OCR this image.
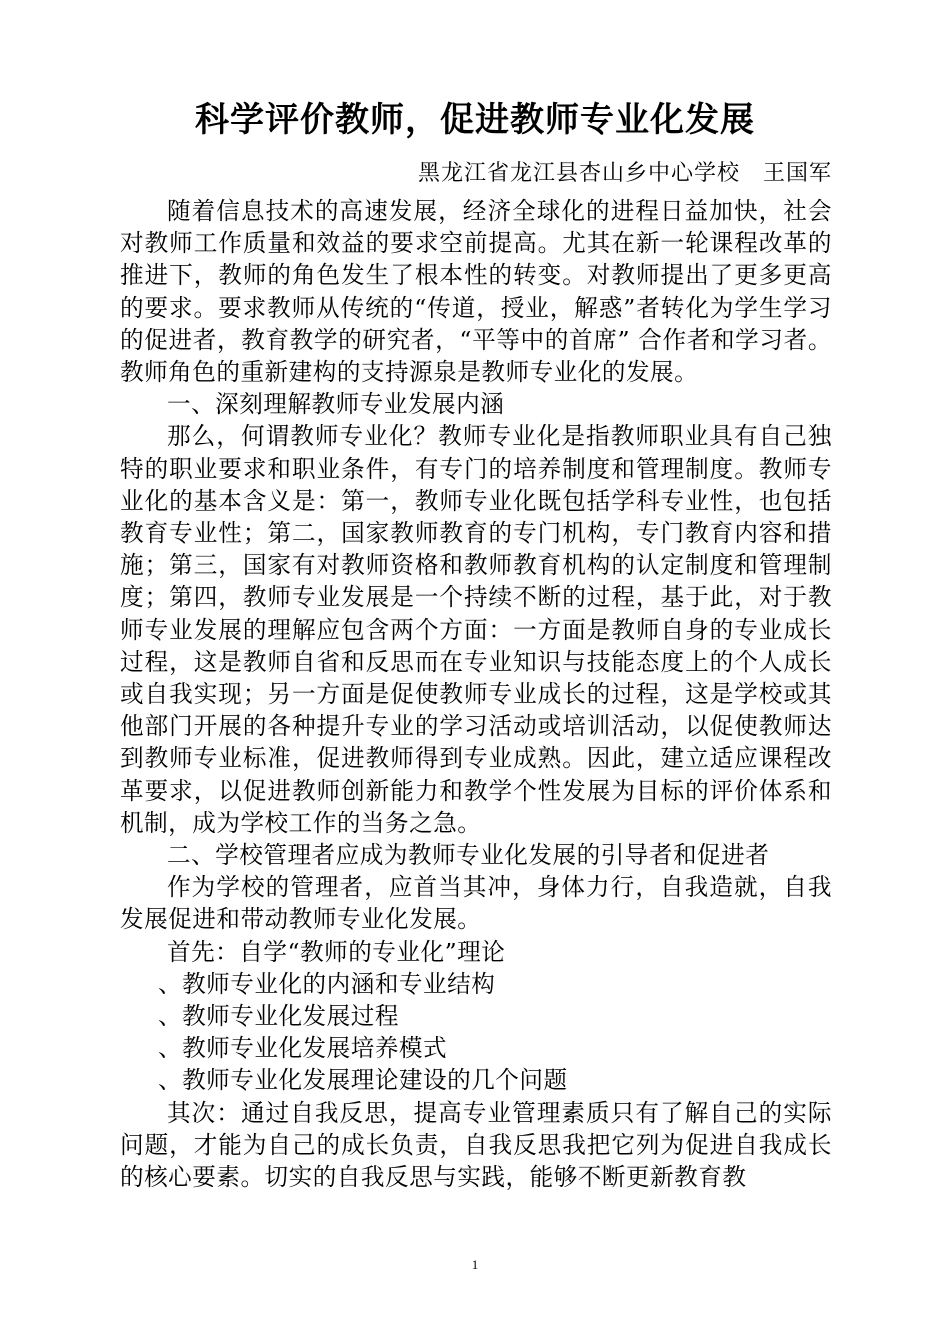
科学评价教师，促进教师专业化发展
黑龙江省龙江县杏山乡中心学校　王国军

随着信息技术的高速发展，经济全球化的进程日益加快，社会对教师工作质量和效益的要求空前提高。尤其在新一轮课程改革的推进下，教师的角色发生了根本性的转变。对教师提出了更多更高的要求。要求教师从传统的“传道，授业，解惑”者转化为学生学习的促进者，教育教学的研究者，“平等中的首席” 合作者和学习者。教师角色的重新建构的支持源泉是教师专业化的发展。

一、深刻理解教师专业发展内涵

那么，何谓教师专业化？教师专业化是指教师职业具有自己独特的职业要求和职业条件，有专门的培养制度和管理制度。教师专业化的基本含义是：第一，教师专业化既包括学科专业性，也包括教育专业性；第二，国家教师教育的专门机构，专门教育内容和措施；第三，国家有对教师资格和教师教育机构的认定制度和管理制度；第四，教师专业发展是一个持续不断的过程，基于此，对于教师专业发展的理解应包含两个方面：一方面是教师自身的专业成长过程，这是教师自省和反思而在专业知识与技能态度上的个人成长或自我实现；另一方面是促使教师专业成长的过程，这是学校或其他部门开展的各种提升专业的学习活动或培训活动，以促使教师达到教师专业标准，促进教师得到专业成熟。因此，建立适应课程改革要求，以促进教师创新能力和教学个性发展为目标的评价体系和机制，成为学校工作的当务之急。

二、学校管理者应成为教师专业化发展的引导者和促进者

作为学校的管理者，应首当其冲，身体力行，自我造就，自我发展促进和带动教师专业化发展。

首先：自学“教师的专业化”理论

、 教师专业化的内涵和专业结构

、 教师专业化发展过程

、 教师专业化发展培养模式

、 教师专业化发展理论建设的几个问题

其次：通过自我反思，提高专业管理素质只有了解自己的实际问题，才能为自己的成长负责，自我反思我把它列为促进自我成长的核心要素。切实的自我反思与实践，能够不断更新教育教

1
